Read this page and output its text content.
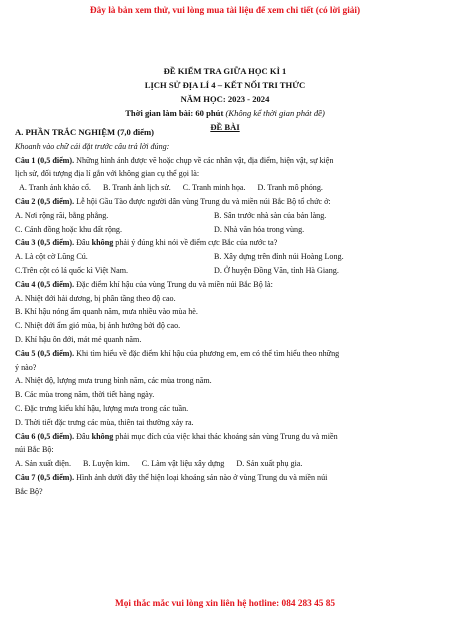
Đây là bản xem thử, vui lòng mua tài liệu để xem chi tiết (có lời giải)
ĐỀ KIỂM TRA GIỮA HỌC KÌ 1
LỊCH SỬ ĐỊA LÍ 4 – KẾT NỐI TRI THỨC
NĂM HỌC: 2023 - 2024
Thời gian làm bài: 60 phút (Không kể thời gian phát đề)
ĐỀ BÀI
A. PHẦN TRẮC NGHIỆM (7,0 điểm)
Khoanh vào chữ cái đặt trước câu trả lời đúng:
Câu 1 (0,5 điểm). Những hình ảnh được vẽ hoặc chụp về các nhân vật, địa điểm, hiện vật, sự kiện
lịch sử, đối tượng địa lí gắn với không gian cụ thể gọi là:
A. Tranh ảnh khảo cổ. B. Tranh ảnh lịch sử. C. Tranh minh họa. D. Tranh mô phỏng.
Câu 2 (0,5 điểm). Lễ hội Gầu Tào được người dân vùng Trung du và miền núi Bắc Bộ tổ chức ở:
A. Nơi rộng rãi, bằng phẳng.	B. Sân trước nhà sàn của bản làng.
C. Cánh đồng hoặc khu đất rộng.	D. Nhà văn hóa trong vùng.
Câu 3 (0,5 điểm). Đâu không phải ý đúng khi nói về điểm cực Bắc của nước ta?
A. Là cột cờ Lũng Cú.	B. Xây dựng trên đỉnh núi Hoàng Long.
C.Trên cột có lá quốc kì Việt Nam.	D. Ở huyện Đồng Văn, tỉnh Hà Giang.
Câu 4 (0,5 điểm). Đặc điểm khí hậu của vùng Trung du và miền núi Bắc Bộ là:
A. Nhiệt đới hải dương, bị phân tầng theo độ cao.
B. Khí hậu nóng ẩm quanh năm, mưa nhiều vào mùa hè.
C. Nhiệt đới ẩm gió mùa, bị ảnh hưởng bởi độ cao.
D. Khí hậu ôn đới, mát mẻ quanh năm.
Câu 5 (0,5 điểm). Khi tìm hiểu về đặc điểm khí hậu của phương em, em có thể tìm hiểu theo những
ý nào?
A. Nhiệt độ, lượng mưa trung bình năm, các mùa trong năm.
B. Các mùa trong năm, thời tiết hàng ngày.
C. Đặc trưng kiểu khí hậu, lượng mưa trong các tuần.
D. Thời tiết đặc trưng các mùa, thiên tai thường xảy ra.
Câu 6 (0,5 điểm). Đâu không phải mục đích của việc khai thác khoáng sản vùng Trung du và miền
núi Bắc Bộ:
A. Sản xuất điện. B. Luyện kim. C. Làm vật liệu xây dựng D. Sản xuất phụ gia.
Câu 7 (0,5 điểm). Hình ảnh dưới đây thể hiện loại khoáng sản nào ở vùng Trung du và miền núi
Bắc Bộ?
Mọi thắc mắc vui lòng xin liên hệ hotline: 084 283 45 85
